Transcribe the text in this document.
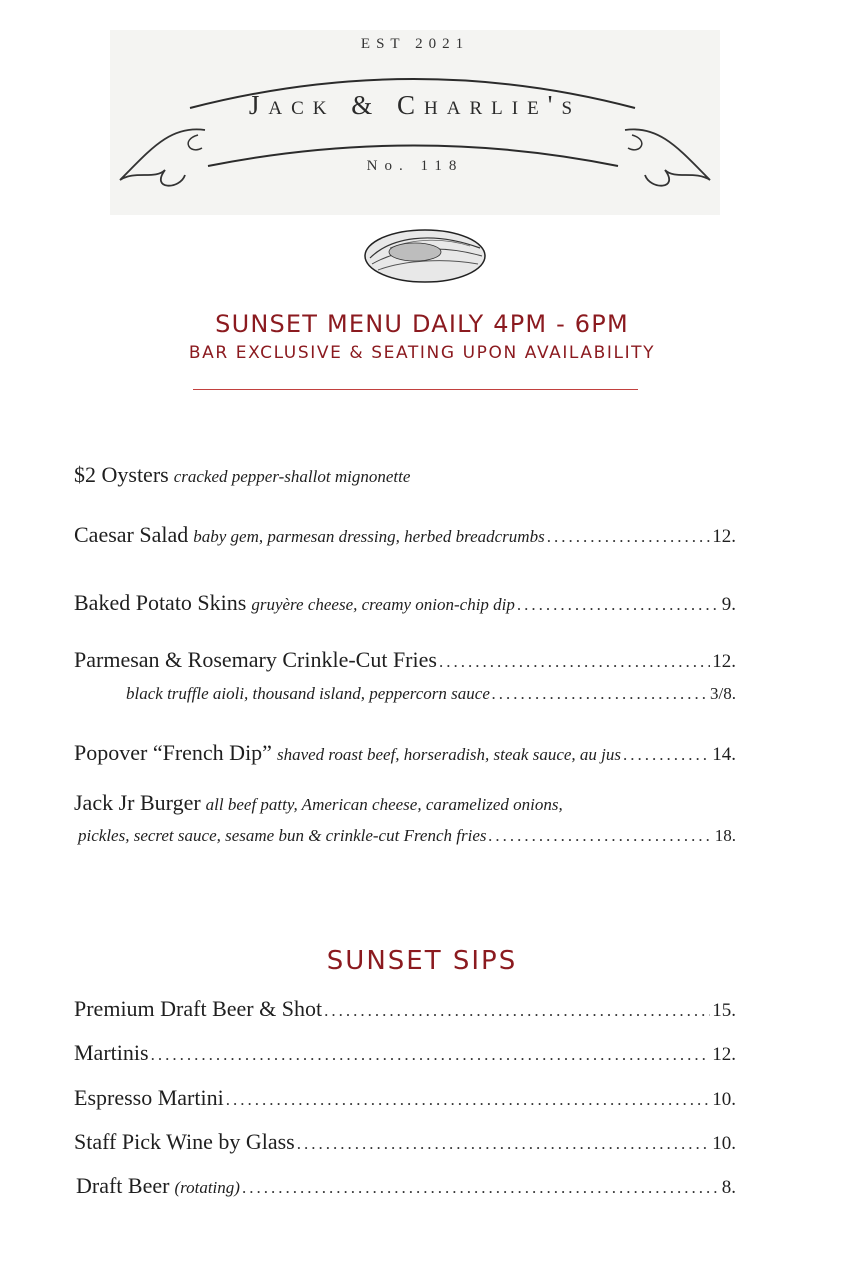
EST 2021
Jack & Charlie's
No. 118
SUNSET MENU DAILY 4PM - 6PM
BAR EXCLUSIVE & SEATING UPON AVAILABILITY
$2 Oysters cracked pepper-shallot mignonette
Caesar Salad baby gem, parmesan dressing, herbed breadcrumbs .....	12.
Baked Potato Skins gruyère cheese, creamy onion-chip dip .....	9.
Parmesan & Rosemary Crinkle-Cut Fries .....	12.
black truffle aioli, thousand island, peppercorn sauce .....	3/8.
Popover “French Dip” shaved roast beef, horseradish, steak sauce, au jus .....	14.
Jack Jr Burger all beef patty, American cheese, caramelized onions,
pickles, secret sauce, sesame bun & crinkle-cut French fries .....	18.
SUNSET SIPS
Premium Draft Beer & Shot .....	15.
Martinis .....	12.
Espresso Martini .....	10.
Staff Pick Wine by Glass .....	10.
Draft Beer (rotating) .....	8.
